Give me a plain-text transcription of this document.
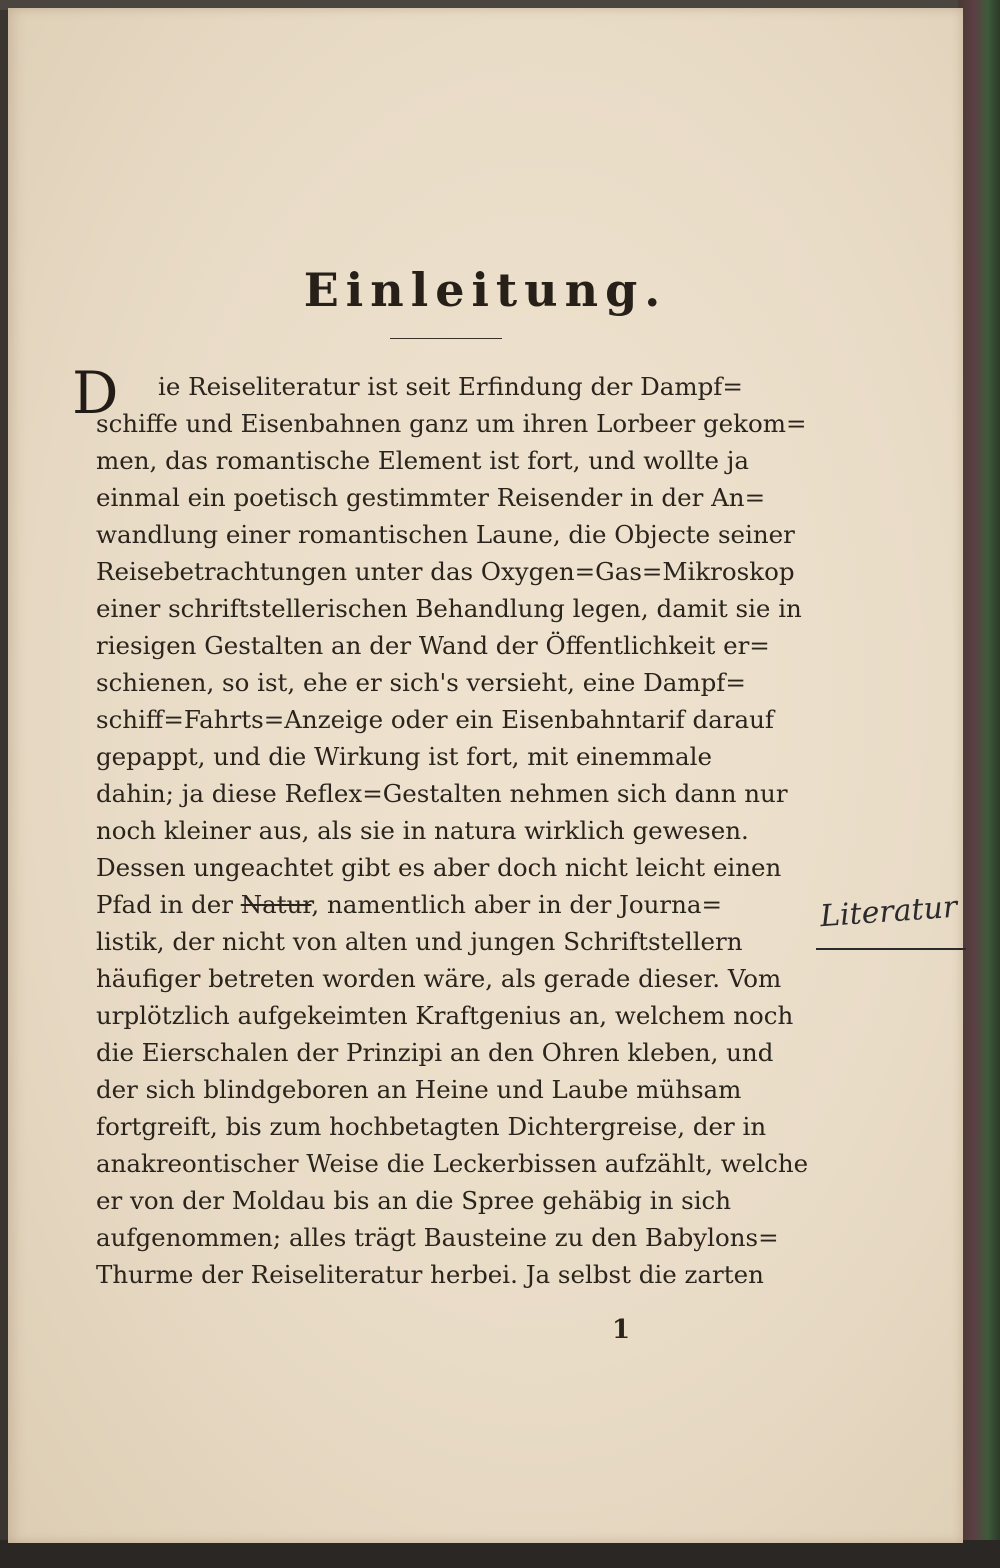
Einleitung.
D	ie Reiseliteratur ist seit Erfindung der Dampf=
schiffe und Eisenbahnen ganz um ihren Lorbeer gekom=
men, das romantische Element ist fort, und wollte ja
einmal ein poetisch gestimmter Reisender in der An=
wandlung einer romantischen Laune, die Objecte seiner
Reisebetrachtungen unter das Oxygen=Gas=Mikroskop
einer schriftstellerischen Behandlung legen, damit sie in
riesigen Gestalten an der Wand der Öffentlichkeit er=
schienen, so ist, ehe er sich's versieht, eine Dampf=
schiff=Fahrts=Anzeige oder ein Eisenbahntarif darauf
gepappt, und die Wirkung ist fort, mit einemmale
dahin; ja diese Reflex=Gestalten nehmen sich dann nur
noch kleiner aus, als sie in natura wirklich gewesen.
Dessen ungeachtet gibt es aber doch nicht leicht einen
Pfad in der Natur, namentlich aber in der Journa=
listik, der nicht von alten und jungen Schriftstellern
häufiger betreten worden wäre, als gerade dieser. Vom
urplötzlich aufgekeimten Kraftgenius an, welchem noch
die Eierschalen der Prinzipi an den Ohren kleben, und
der sich blindgeboren an Heine und Laube mühsam
fortgreift, bis zum hochbetagten Dichtergreise, der in
anakreontischer Weise die Leckerbissen aufzählt, welche
er von der Moldau bis an die Spree gehäbig in sich
aufgenommen; alles trägt Bausteine zu den Babylons=
Thurme der Reiseliteratur herbei. Ja selbst die zarten
Literatur
1
